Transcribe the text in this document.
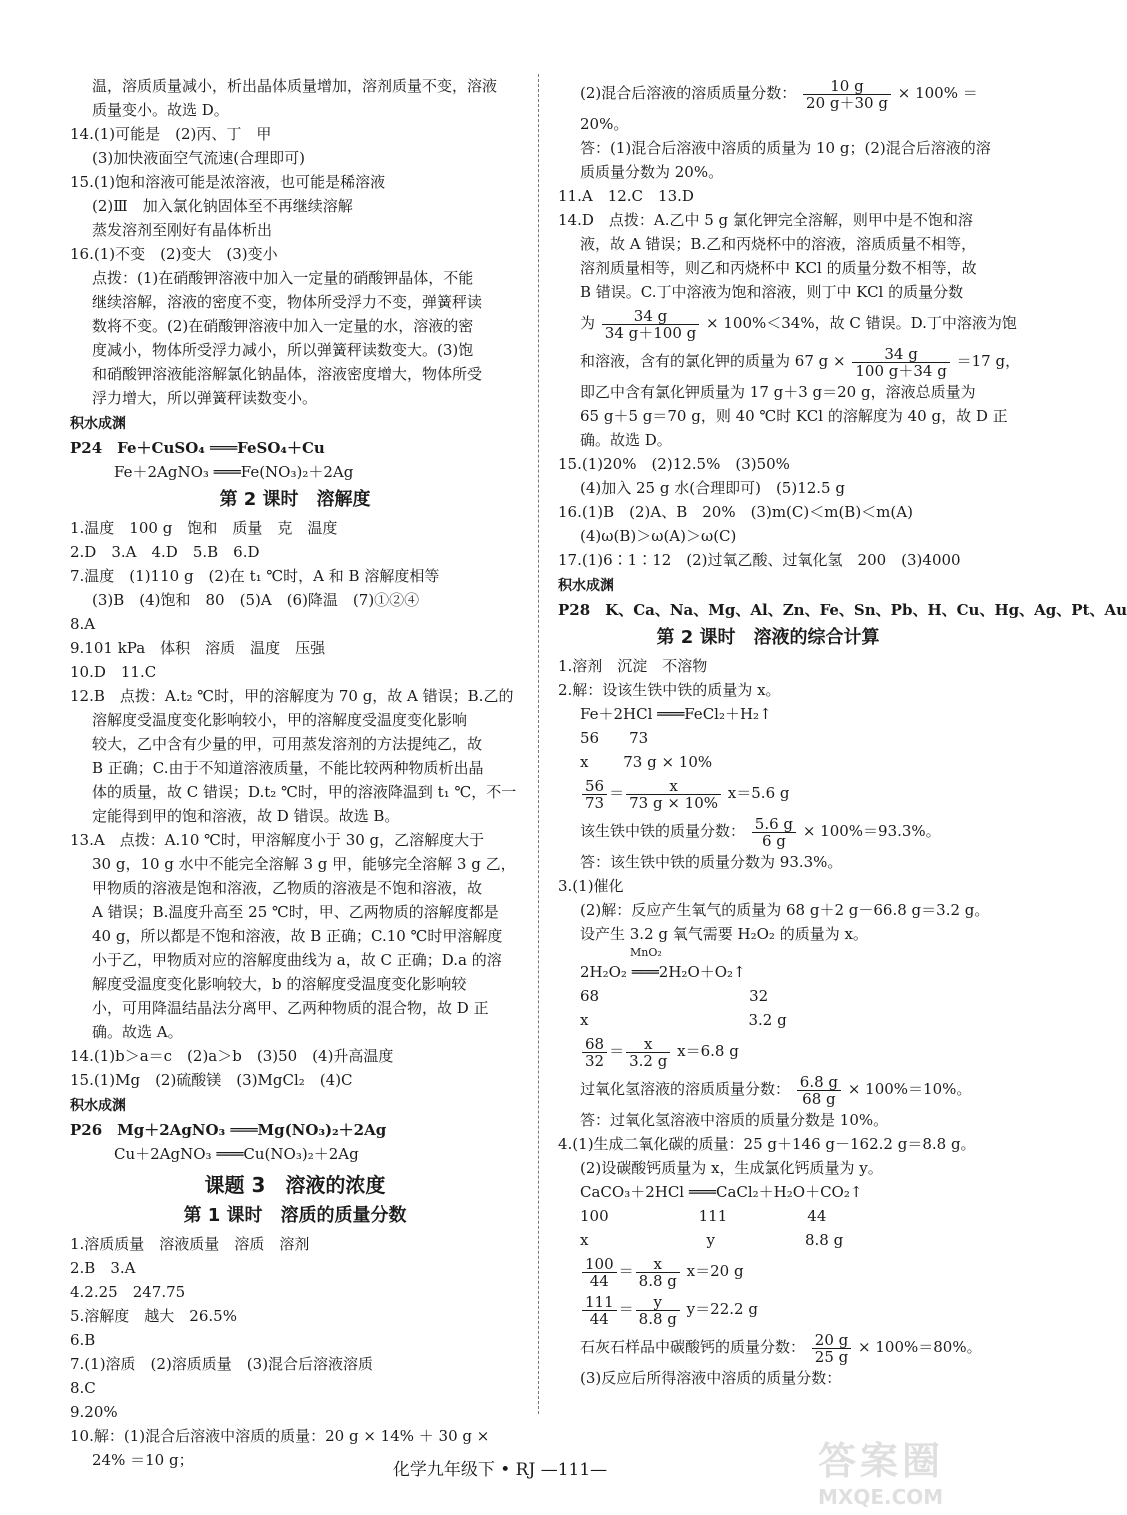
温，溶质质量减小，析出晶体质量增加，溶剂质量不变，溶液
质量变小。故选 D。
14.(1)可能是　(2)丙、丁　甲
(3)加快液面空气流速(合理即可)
15.(1)饱和溶液可能是浓溶液，也可能是稀溶液
(2)Ⅲ　加入氯化钠固体至不再继续溶解
蒸发溶剂至刚好有晶体析出
16.(1)不变　(2)变大　(3)变小
点拨：(1)在硝酸钾溶液中加入一定量的硝酸钾晶体，不能
继续溶解，溶液的密度不变，物体所受浮力不变，弹簧秤读
数将不变。(2)在硝酸钾溶液中加入一定量的水，溶液的密
度减小，物体所受浮力减小，所以弹簧秤读数变大。(3)饱
和硝酸钾溶液能溶解氯化钠晶体，溶液密度增大，物体所受
浮力增大，所以弹簧秤读数变小。
积水成渊
P24　Fe＋CuSO₄ ═══FeSO₄＋Cu
Fe＋2AgNO₃ ═══Fe(NO₃)₂＋2Ag
第 2 课时　溶解度
1.温度　100 g　饱和　质量　克　温度
2.D　3.A　4.D　5.B　6.D
7.温度　(1)110 g　(2)在 t₁ ℃时，A 和 B 溶解度相等
(3)B　(4)饱和　80　(5)A　(6)降温　(7)①②④
8.A
9.101 kPa　体积　溶质　温度　压强
10.D　11.C
12.B　点拨：A.t₂ ℃时，甲的溶解度为 70 g，故 A 错误；B.乙的
溶解度受温度变化影响较小，甲的溶解度受温度变化影响
较大，乙中含有少量的甲，可用蒸发溶剂的方法提纯乙，故
B 正确；C.由于不知道溶液质量，不能比较两种物质析出晶
体的质量，故 C 错误；D.t₂ ℃时，甲的溶液降温到 t₁ ℃，不一
定能得到甲的饱和溶液，故 D 错误。故选 B。
13.A　点拨：A.10 ℃时，甲溶解度小于 30 g，乙溶解度大于
30 g，10 g 水中不能完全溶解 3 g 甲，能够完全溶解 3 g 乙，
甲物质的溶液是饱和溶液，乙物质的溶液是不饱和溶液，故
A 错误；B.温度升高至 25 ℃时，甲、乙两物质的溶解度都是
40 g，所以都是不饱和溶液，故 B 正确；C.10 ℃时甲溶解度
小于乙，甲物质对应的溶解度曲线为 a，故 C 正确；D.a 的溶
解度受温度变化影响较大，b 的溶解度受温度变化影响较
小，可用降温结晶法分离甲、乙两种物质的混合物，故 D 正
确。故选 A。
14.(1)b＞a＝c　(2)a＞b　(3)50　(4)升高温度
15.(1)Mg　(2)硫酸镁　(3)MgCl₂　(4)C
积水成渊
P26　Mg＋2AgNO₃ ═══Mg(NO₃)₂＋2Ag
Cu＋2AgNO₃ ═══Cu(NO₃)₂＋2Ag
课题 3　溶液的浓度
第 1 课时　溶质的质量分数
1.溶质质量　溶液质量　溶质　溶剂
2.B　3.A
4.2.25　247.75
5.溶解度　越大　26.5%
6.B
7.(1)溶质　(2)溶质质量　(3)混合后溶液溶质
8.C
9.20%
10.解：(1)混合后溶液中溶质的质量：20 g × 14% ＋ 30 g ×
24% ＝10 g；
(2)混合后溶液的溶质质量分数： $\frac{10 g}{20 g+30 g} \times 100\%$ ＝
20%。
答：(1)混合后溶液中溶质的质量为 10 g；(2)混合后溶液的溶
质质量分数为 20%。
11.A　12.C　13.D
14.D　点拨：A.乙中 5 g 氯化钾完全溶解，则甲中是不饱和溶
液，故 A 错误；B.乙和丙烧杯中的溶液，溶质质量不相等，
溶剂质量相等，则乙和丙烧杯中 KCl 的质量分数不相等，故
B 错误。C.丁中溶液为饱和溶液，则丁中 KCl 的质量分数
为 $\frac{34 g}{34 g+100 g} \times 100\%<34\%$，故 C 错误。D.丁中溶液为饱
和溶液，含有的氯化钾的质量为 67 $g \times \frac{34 g}{100 g+34 g} =17$ g，
即乙中含有氯化钾质量为 17 g＋3 g＝20 g，溶液总质量为
65 g＋5 g＝70 g，则 40 ℃时 KCl 的溶解度为 40 g，故 D 正
确。故选 D。
15.(1)20%　(2)12.5%　(3)50%
(4)加入 25 g 水(合理即可)　(5)12.5 g
16.(1)B　(2)A、B　20%　(3)m(C)＜m(B)＜m(A)
(4)ω(B)＞ω(A)＞ω(C)
17.(1)6∶1∶12　(2)过氧乙酸、过氧化氢　200　(3)4000
积水成渊
P28　K、Ca、Na、Mg、Al、Zn、Fe、Sn、Pb、H、Cu、Hg、Ag、Pt、Au
第 2 课时　溶液的综合计算
1.溶剂　沉淀　不溶物
2.解：设该生铁中铁的质量为 x。
Fe＋2HCl ═══FeCl₂＋H₂↑
56　　73
x　　 73 g × 10%
$\frac{56}{73} = \frac{x}{73 g \times 10\%} x=5.6$ g
该生铁中铁的质量分数： $\frac{5.6 g}{6 g} \times 100\%=93.3\%$。
答：该生铁中铁的质量分数为 93.3%。
3.(1)催化
(2)解：反应产生氧气的质量为 68 g＋2 g－66.8 g＝3.2 g。
设产生 3.2 g 氧气需要 H₂O₂ 的质量为 x。
MnO₂
2H₂O₂ ═══2H₂O＋O₂↑
68	32
x	3.2 g
$\frac{68}{32} = \frac{x}{3.2 g} x=6.8$ g
过氧化氢溶液的溶质质量分数： $\frac{6.8 g}{68 g} \times 100\%=10\%$。
答：过氧化氢溶液中溶质的质量分数是 10%。
4.(1)生成二氧化碳的质量：25 g＋146 g－162.2 g＝8.8 g。
(2)设碳酸钙质量为 x，生成氯化钙质量为 y。
CaCO₃＋2HCl ═══CaCl₂＋H₂O＋CO₂↑
100	111	44
x	y	8.8 g
$\frac{100}{44} = \frac{x}{8.8 g} x=20$ g
$\frac{111}{44} = \frac{y}{8.8 g} y=22.2$ g
石灰石样品中碳酸钙的质量分数： $\frac{20 g}{25 g} \times 100\%=80\%$。
(3)反应后所得溶液中溶质的质量分数：
化学九年级下 • RJ —111—	答案圈
MXQE.COM
